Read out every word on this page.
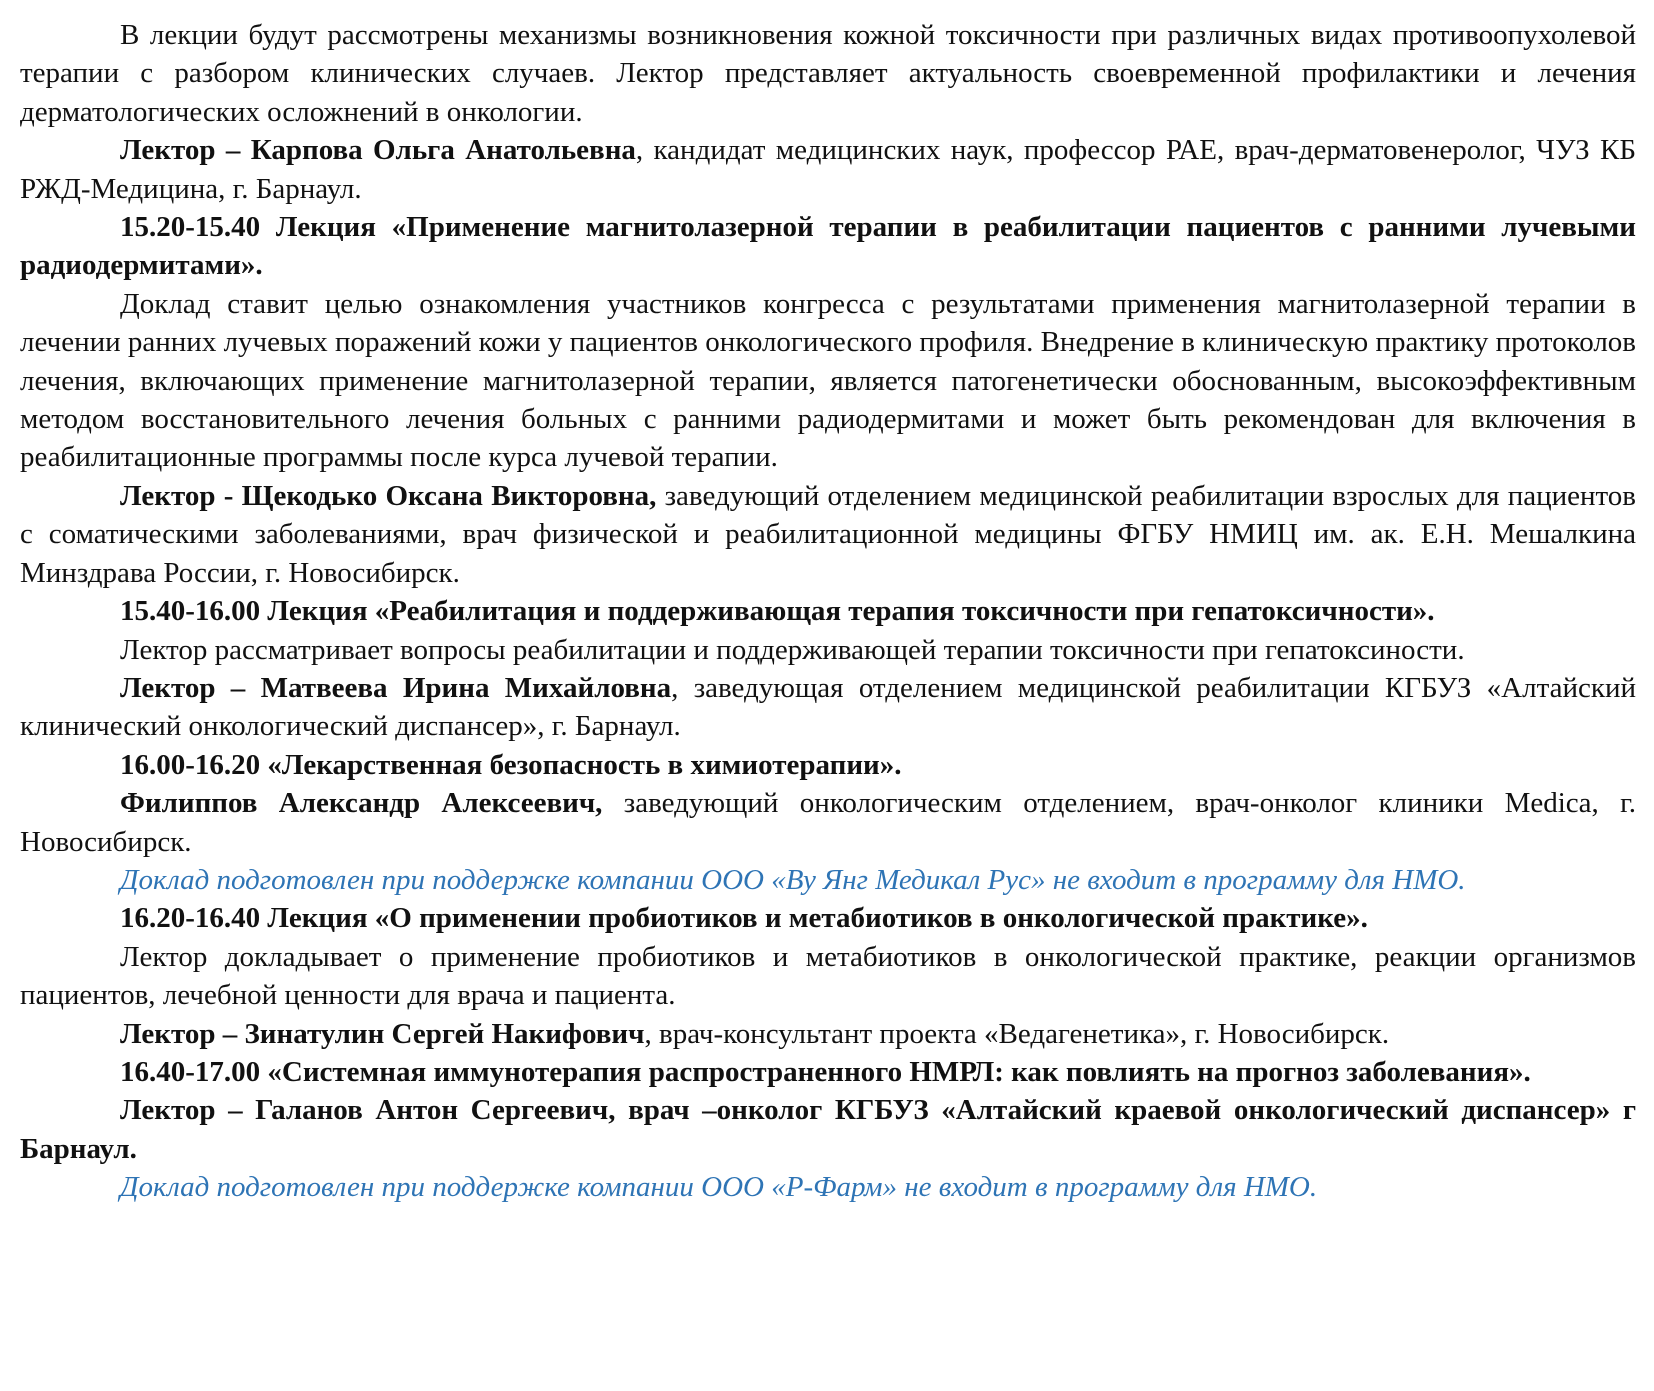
В лекции будут рассмотрены механизмы возникновения кожной токсичности при различных видах противоопухолевой терапии с разбором клинических случаев. Лектор представляет актуальность своевременной профилактики и лечения дерматологических осложнений в онкологии.

Лектор – Карпова Ольга Анатольевна, кандидат медицинских наук, профессор РАЕ, врач-дерматовенеролог, ЧУЗ КБ РЖД-Медицина, г. Барнаул.

15.20-15.40 Лекция «Применение магнитолазерной терапии в реабилитации пациентов с ранними лучевыми радиодермитами».

Доклад ставит целью ознакомления участников конгресса с результатами применения магнитолазерной терапии в лечении ранних лучевых поражений кожи у пациентов онкологического профиля. Внедрение в клиническую практику протоколов лечения, включающих применение магнитолазерной терапии, является патогенетически обоснованным, высокоэффективным методом восстановительного лечения больных с ранними радиодермитами и может быть рекомендован для включения в реабилитационные программы после курса лучевой терапии.

Лектор - Щекодько Оксана Викторовна, заведующий отделением медицинской реабилитации взрослых для пациентов с соматическими заболеваниями, врач физической и реабилитационной медицины ФГБУ НМИЦ им. ак. Е.Н. Мешалкина Минздрава России, г. Новосибирск.

15.40-16.00 Лекция «Реабилитация и поддерживающая терапия токсичности при гепатоксичности».

Лектор рассматривает вопросы реабилитации и поддерживающей терапии токсичности при гепатоксиности.

Лектор – Матвеева Ирина Михайловна, заведующая отделением медицинской реабилитации КГБУЗ «Алтайский клинический онкологический диспансер», г. Барнаул.

16.00-16.20 «Лекарственная безопасность в химиотерапии».

Филиппов Александр Алексеевич, заведующий онкологическим отделением, врач-онколог клиники Medica, г. Новосибирск.

Доклад подготовлен при поддержке компании ООО «Ву Янг Медикал Рус» не входит в программу для НМО.

16.20-16.40 Лекция «О применении пробиотиков и метабиотиков в онкологической практике».

Лектор докладывает о применение пробиотиков и метабиотиков в онкологической практике, реакции организмов пациентов, лечебной ценности для врача и пациента.

Лектор – Зинатулин Сергей Накифович, врач-консультант проекта «Ведагенетика», г. Новосибирск.

16.40-17.00 «Системная иммунотерапия распространенного НМРЛ: как повлиять на прогноз заболевания».

Лектор – Галанов Антон Сергеевич, врач –онколог КГБУЗ «Алтайский краевой онкологический диспансер» г Барнаул.

Доклад подготовлен при поддержке компании ООО «Р-Фарм» не входит в программу для НМО.
